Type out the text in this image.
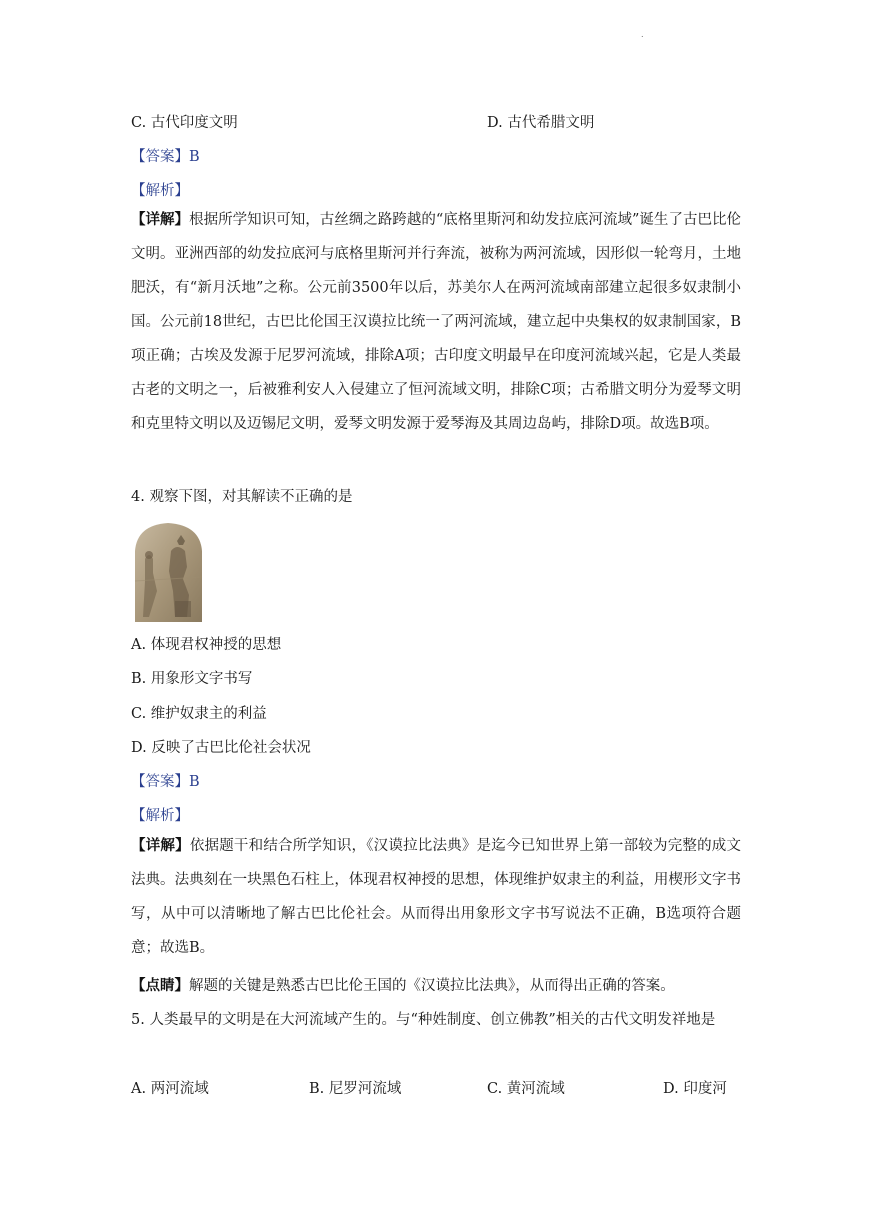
.
C. 古代印度文明	D. 古代希腊文明
【答案】B
【解析】
【详解】根据所学知识可知，古丝绸之路跨越的“底格里斯河和幼发拉底河流域”诞生了古巴比伦文明。亚洲西部的幼发拉底河与底格里斯河并行奔流，被称为两河流域，因形似一轮弯月，土地肥沃，有“新月沃地”之称。公元前3500年以后，苏美尔人在两河流域南部建立起很多奴隶制小国。公元前18世纪，古巴比伦国王汉谟拉比统一了两河流域，建立起中央集权的奴隶制国家，B项正确；古埃及发源于尼罗河流域，排除A项；古印度文明最早在印度河流域兴起，它是人类最古老的文明之一，后被雅利安人入侵建立了恒河流域文明，排除C项；古希腊文明分为爱琴文明和克里特文明以及迈锡尼文明，爱琴文明发源于爱琴海及其周边岛屿，排除D项。故选B项。
4. 观察下图，对其解读不正确的是
A. 体现君权神授的思想
B. 用象形文字书写
C. 维护奴隶主的利益
D. 反映了古巴比伦社会状况
【答案】B
【解析】
【详解】依据题干和结合所学知识，《汉谟拉比法典》是迄今已知世界上第一部较为完整的成文法典。法典刻在一块黑色石柱上，体现君权神授的思想，体现维护奴隶主的利益，用楔形文字书写，从中可以清晰地了解古巴比伦社会。从而得出用象形文字书写说法不正确，B选项符合题意；故选B。
【点睛】解题的关键是熟悉古巴比伦王国的《汉谟拉比法典》，从而得出正确的答案。
5. 人类最早的文明是在大河流域产生的。与“种姓制度、创立佛教”相关的古代文明发祥地是
A. 两河流域	B. 尼罗河流域	C. 黄河流域	D. 印度河
